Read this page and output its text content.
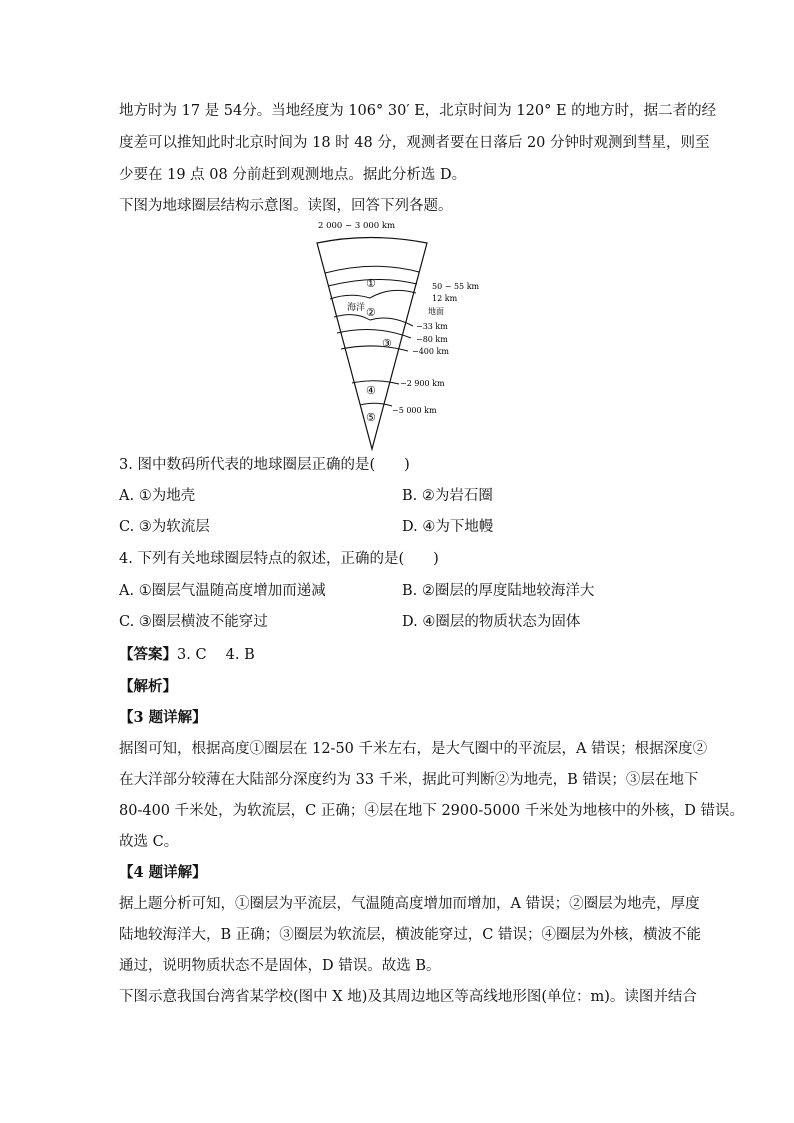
地方时为 17 是 54分。当地经度为 106° 30′ E，北京时间为 120° E 的地方时，据二者的经
度差可以推知此时北京时间为 18 时 48 分，观测者要在日落后 20 分钟时观测到彗星，则至
少要在 19 点 08 分前赶到观测地点。据此分析选 D。
下图为地球圈层结构示意图。读图，回答下列各题。
2 000 ~ 3 000 km
①
②
③
④
⑤
海洋
50 ~ 55 km
12 km
地面
−33 km
−80 km
−400 km
−2 900 km
−5 000 km
3. 图中数码所代表的地球圈层正确的是(　　)
A. ①为地壳	B. ②为岩石圈
C. ③为软流层	D. ④为下地幔
4. 下列有关地球圈层特点的叙述，正确的是(　　)
A. ①圈层气温随高度增加而递减	B. ②圈层的厚度陆地较海洋大
C. ③圈层横波不能穿过	D. ④圈层的物质状态为固体
【答案】3. C　 4. B
【解析】
【3 题详解】
据图可知，根据高度①圈层在 12-50 千米左右，是大气圈中的平流层，A 错误；根据深度②
在大洋部分较薄在大陆部分深度约为 33 千米，据此可判断②为地壳，B 错误；③层在地下
80-400 千米处，为软流层，C 正确；④层在地下 2900-5000 千米处为地核中的外核，D 错误。
故选 C。
【4 题详解】
据上题分析可知，①圈层为平流层，气温随高度增加而增加，A 错误；②圈层为地壳，厚度
陆地较海洋大，B 正确；③圈层为软流层，横波能穿过，C 错误；④圈层为外核，横波不能
通过，说明物质状态不是固体，D 错误。故选 B。
下图示意我国台湾省某学校(图中 X 地)及其周边地区等高线地形图(单位：m)。读图并结合
